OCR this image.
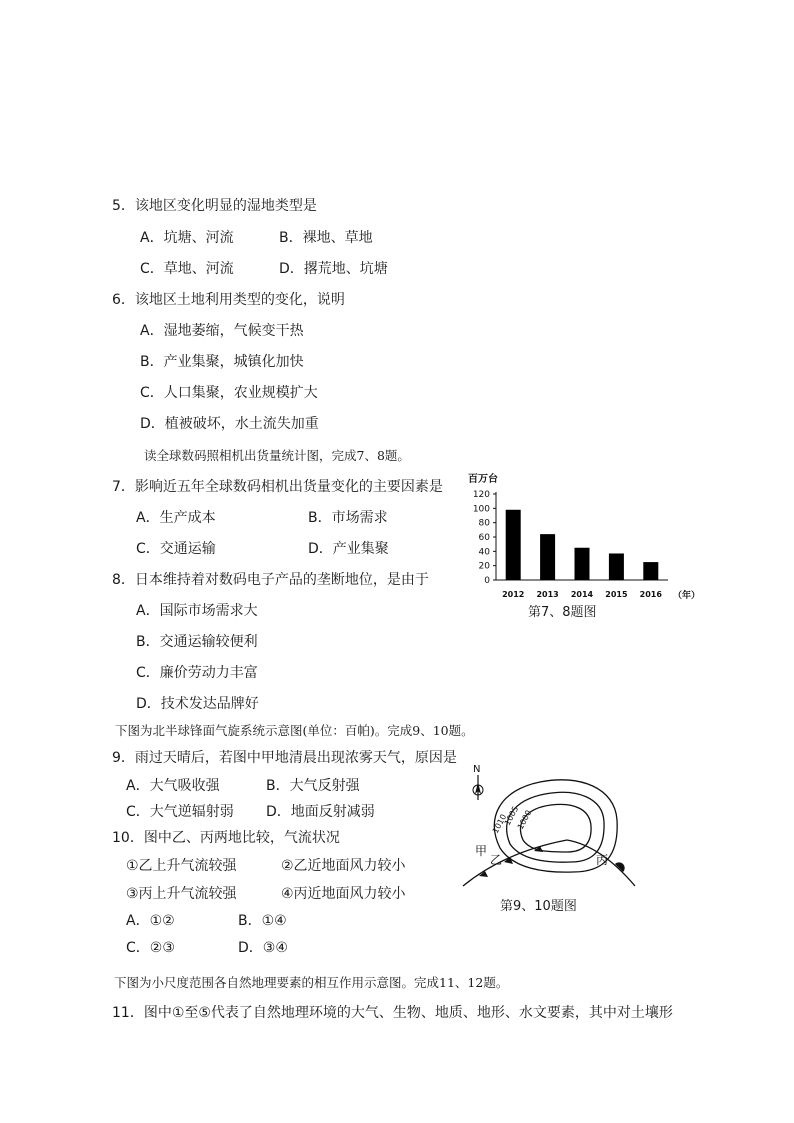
5．该地区变化明显的湿地类型是
A．坑塘、河流	B．裸地、草地
C．草地、河流	D．撂荒地、坑塘
6．该地区土地利用类型的变化，说明
A．湿地萎缩，气候变干热
B．产业集聚，城镇化加快
C．人口集聚，农业规模扩大
D．植被破坏，水土流失加重
读全球数码照相机出货量统计图，完成7、8题。
7．影响近五年全球数码相机出货量变化的主要因素是
A．生产成本	B．市场需求
C．交通运输	D．产业集聚
8．日本维持着对数码电子产品的垄断地位，是由于
A．国际市场需求大
B．交通运输较便利
C．廉价劳动力丰富
D．技术发达品牌好
百万台
0
20
40
60
80
100
120
2012 2013 2014 2015 2016 （年）
第7、8题图
下图为北半球锋面气旋系统示意图(单位：百帕)。完成9、10题。
9．雨过天晴后，若图中甲地清晨出现浓雾天气，原因是
A．大气吸收强	B．大气反射强
C．大气逆辐射弱 D．地面反射减弱
10．图中乙、丙两地比较，气流状况
①乙上升气流较强	②乙近地面风力较小
③丙上升气流较强	④丙近地面风力较小
A．①②	B．①④
C．②③	D．③④
N
1010
1005
1000
甲
乙	丙
第9、10题图
下图为小尺度范围各自然地理要素的相互作用示意图。完成11、12题。
11．图中①至⑤代表了自然地理环境的大气、生物、地质、地形、水文要素，其中对土壤形
